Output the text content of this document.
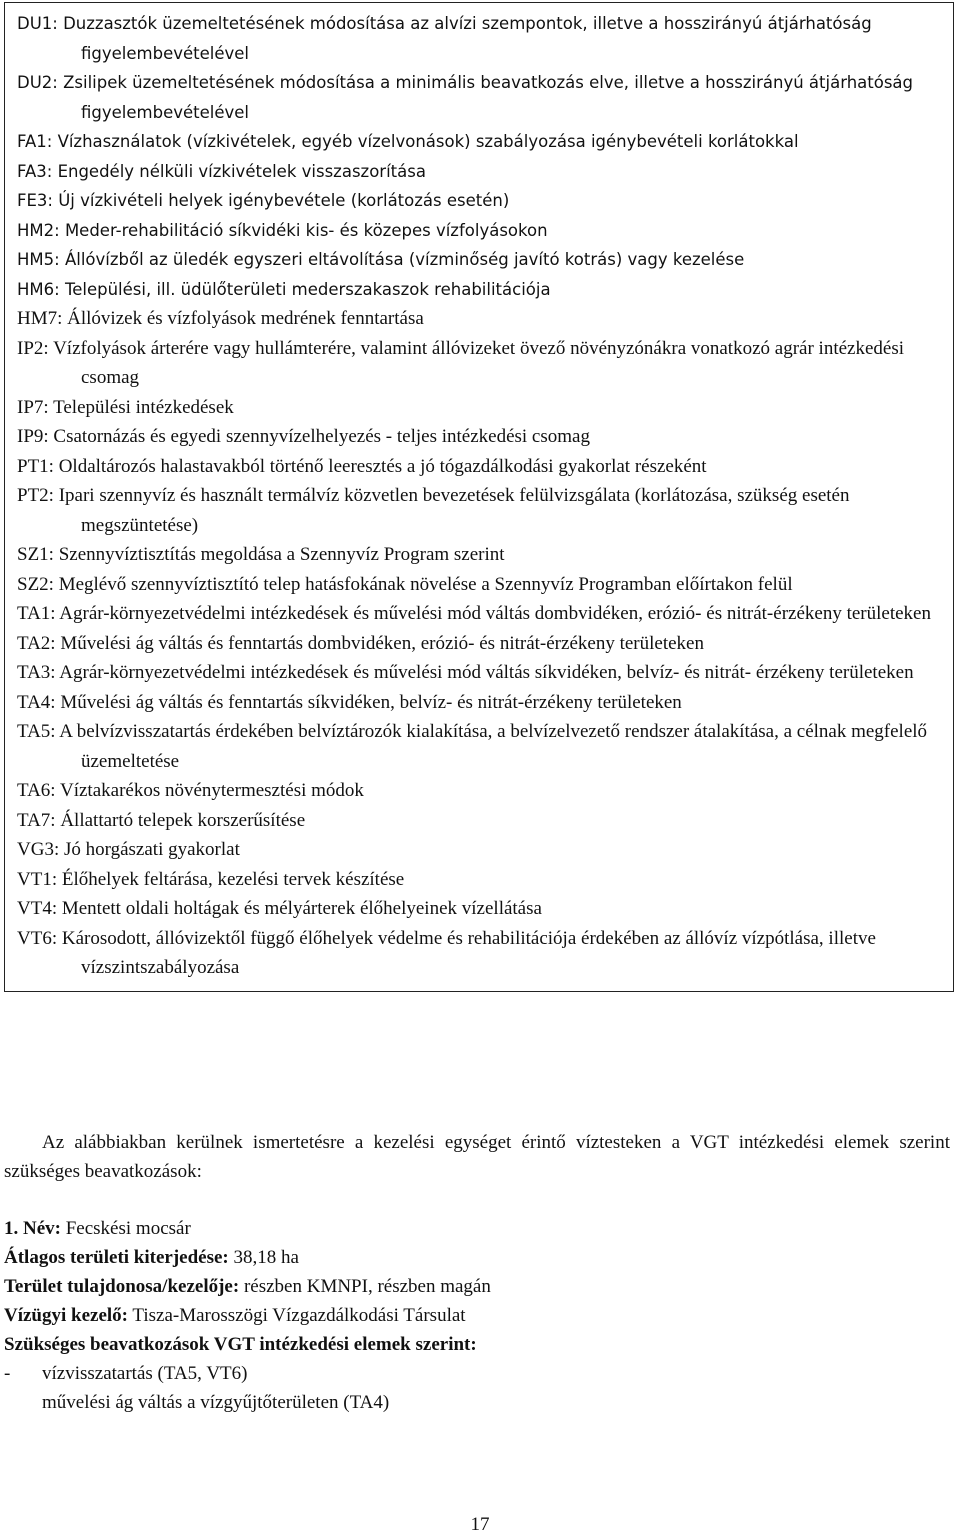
DU1: Duzzasztók üzemeltetésének módosítása az alvízi szempontok, illetve a hosszirányú átjárhatóság figyelembevételével
DU2: Zsilipek üzemeltetésének módosítása a minimális beavatkozás elve, illetve a hosszirányú átjárhatóság figyelembevételével
FA1: Vízhasználatok (vízkivételek, egyéb vízelvonások) szabályozása igénybevételi korlátokkal
FA3: Engedély nélküli vízkivételek visszaszorítása
FE3: Új vízkivételi helyek igénybevétele (korlátozás esetén)
HM2: Meder-rehabilitáció síkvidéki kis- és közepes vízfolyásokon
HM5: Állóvízből az üledék egyszeri eltávolítása (vízminőség javító kotrás) vagy kezelése
HM6: Települési, ill. üdülőterületi mederszakaszok rehabilitációja
HM7: Állóvizek és vízfolyások medrének fenntartása
IP2: Vízfolyások árterére vagy hullámterére, valamint állóvizeket övező növényzónákra vonatkozó agrár intézkedési csomag
IP7: Települési intézkedések
IP9: Csatornázás és egyedi szennyvízelhelyezés - teljes intézkedési csomag
PT1: Oldaltározós halastavakból történő leeresztés a jó tógazdálkodási gyakorlat részeként
PT2: Ipari szennyvíz és használt termálvíz közvetlen bevezetések felülvizsgálata (korlátozása, szükség esetén megszüntetése)
SZ1: Szennyvíztisztítás megoldása a Szennyvíz Program szerint
SZ2: Meglévő szennyvíztisztító telep hatásfokának növelése a Szennyvíz Programban előírtakon felül
TA1: Agrár-környezetvédelmi intézkedések és művelési mód váltás dombvidéken, erózió- és nitrát-érzékeny területeken
TA2: Művelési ág váltás és fenntartás dombvidéken, erózió- és nitrát-érzékeny területeken
TA3: Agrár-környezetvédelmi intézkedések és művelési mód váltás síkvidéken, belvíz- és nitrát- érzékeny területeken
TA4: Művelési ág váltás és fenntartás síkvidéken, belvíz- és nitrát-érzékeny területeken
TA5: A belvízvisszatartás érdekében belvíztározók kialakítása, a belvízelvezető rendszer átalakítása, a célnak megfelelő üzemeltetése
TA6: Víztakarékos növénytermesztési módok
TA7: Állattartó telepek korszerűsítése
VG3: Jó horgászati gyakorlat
VT1: Élőhelyek feltárása, kezelési tervek készítése
VT4: Mentett oldali holtágak és mélyárterek élőhelyeinek vízellátása
VT6: Károsodott, állóvizektől függő élőhelyek védelme és rehabilitációja érdekében az állóvíz vízpótlása, illetve vízszintszabályozása
Az alábbiakban kerülnek ismertetésre a kezelési egységet érintő víztesteken a VGT intézkedési elemek szerint szükséges beavatkozások:
1. Név: Fecskési mocsár
Átlagos területi kiterjedése: 38,18 ha
Terület tulajdonosa/kezelője: részben KMNPI, részben magán
Vízügyi kezelő: Tisza-Marosszögi Vízgazdálkodási Társulat
Szükséges beavatkozások VGT intézkedési elemek szerint:
- vízvisszatartás (TA5, VT6)
művelési ág váltás a vízgyűjtőterületen (TA4)
17
